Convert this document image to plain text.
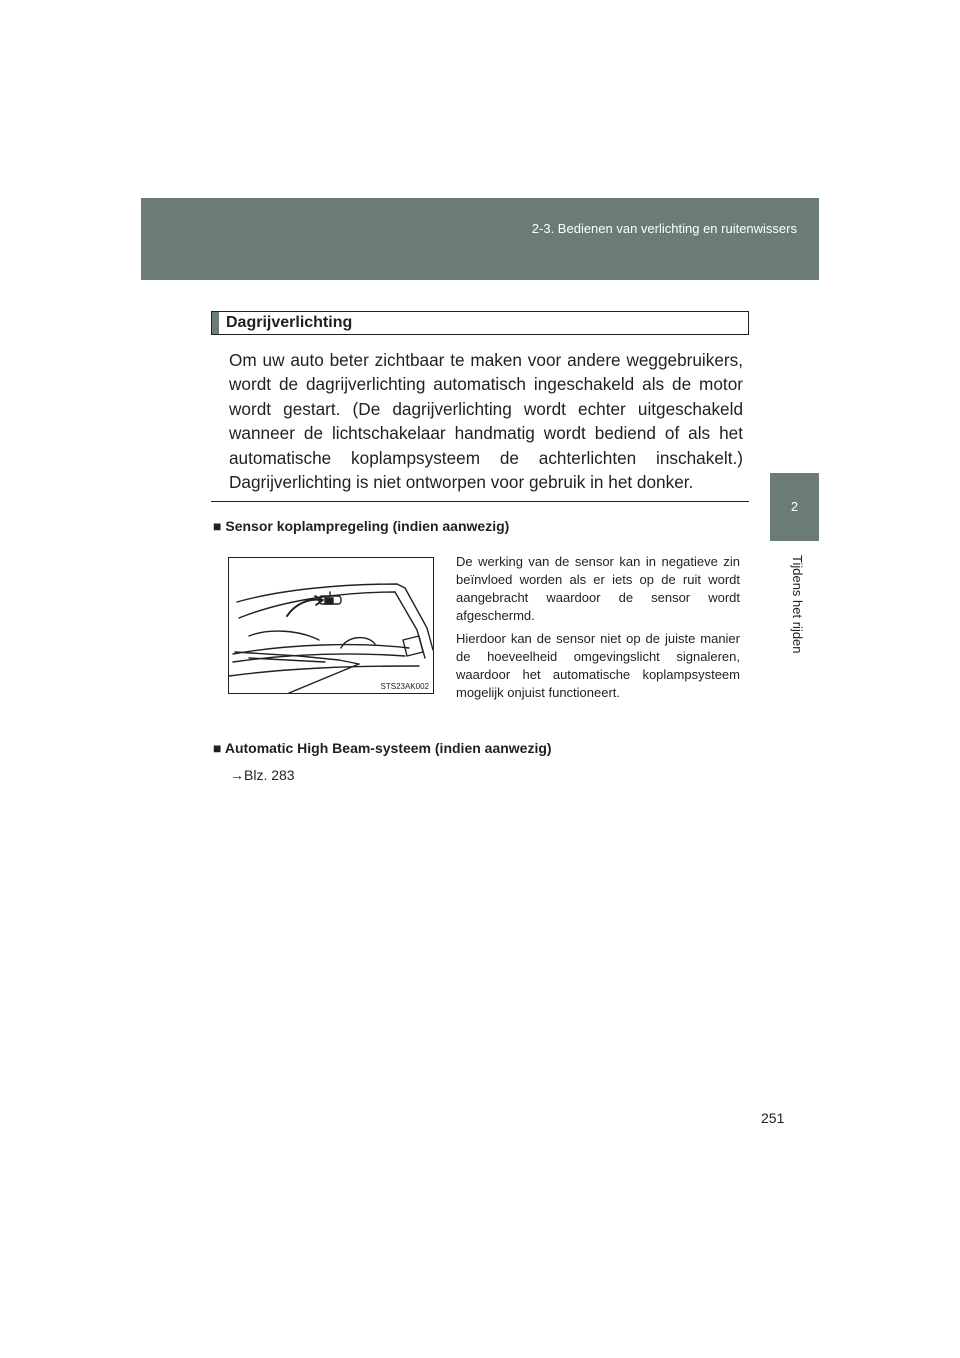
2-3. Bedienen van verlichting en ruitenwissers
2
Tijdens het rijden
Dagrijverlichting

Om uw auto beter zichtbaar te maken voor andere weggebruikers, wordt de dagrijverlichting automatisch ingeschakeld als de motor wordt gestart. (De dagrijverlichting wordt echter uitgeschakeld wanneer de lichtschakelaar handmatig wordt bediend of als het automatische koplampsysteem de achterlichten inschakelt.) Dagrijverlichting is niet ontworpen voor gebruik in het donker.

■ Sensor koplampregeling (indien aanwezig)
STS23AK002

De werking van de sensor kan in negatieve zin beïnvloed worden als er iets op de ruit wordt aangebracht waardoor de sensor wordt afgeschermd.

Hierdoor kan de sensor niet op de juiste manier de hoeveelheid omgevingslicht signaleren, waardoor het automatische koplampsysteem mogelijk onjuist functioneert.

■ Automatic High Beam-systeem (indien aanwezig)
→Blz. 283
251
